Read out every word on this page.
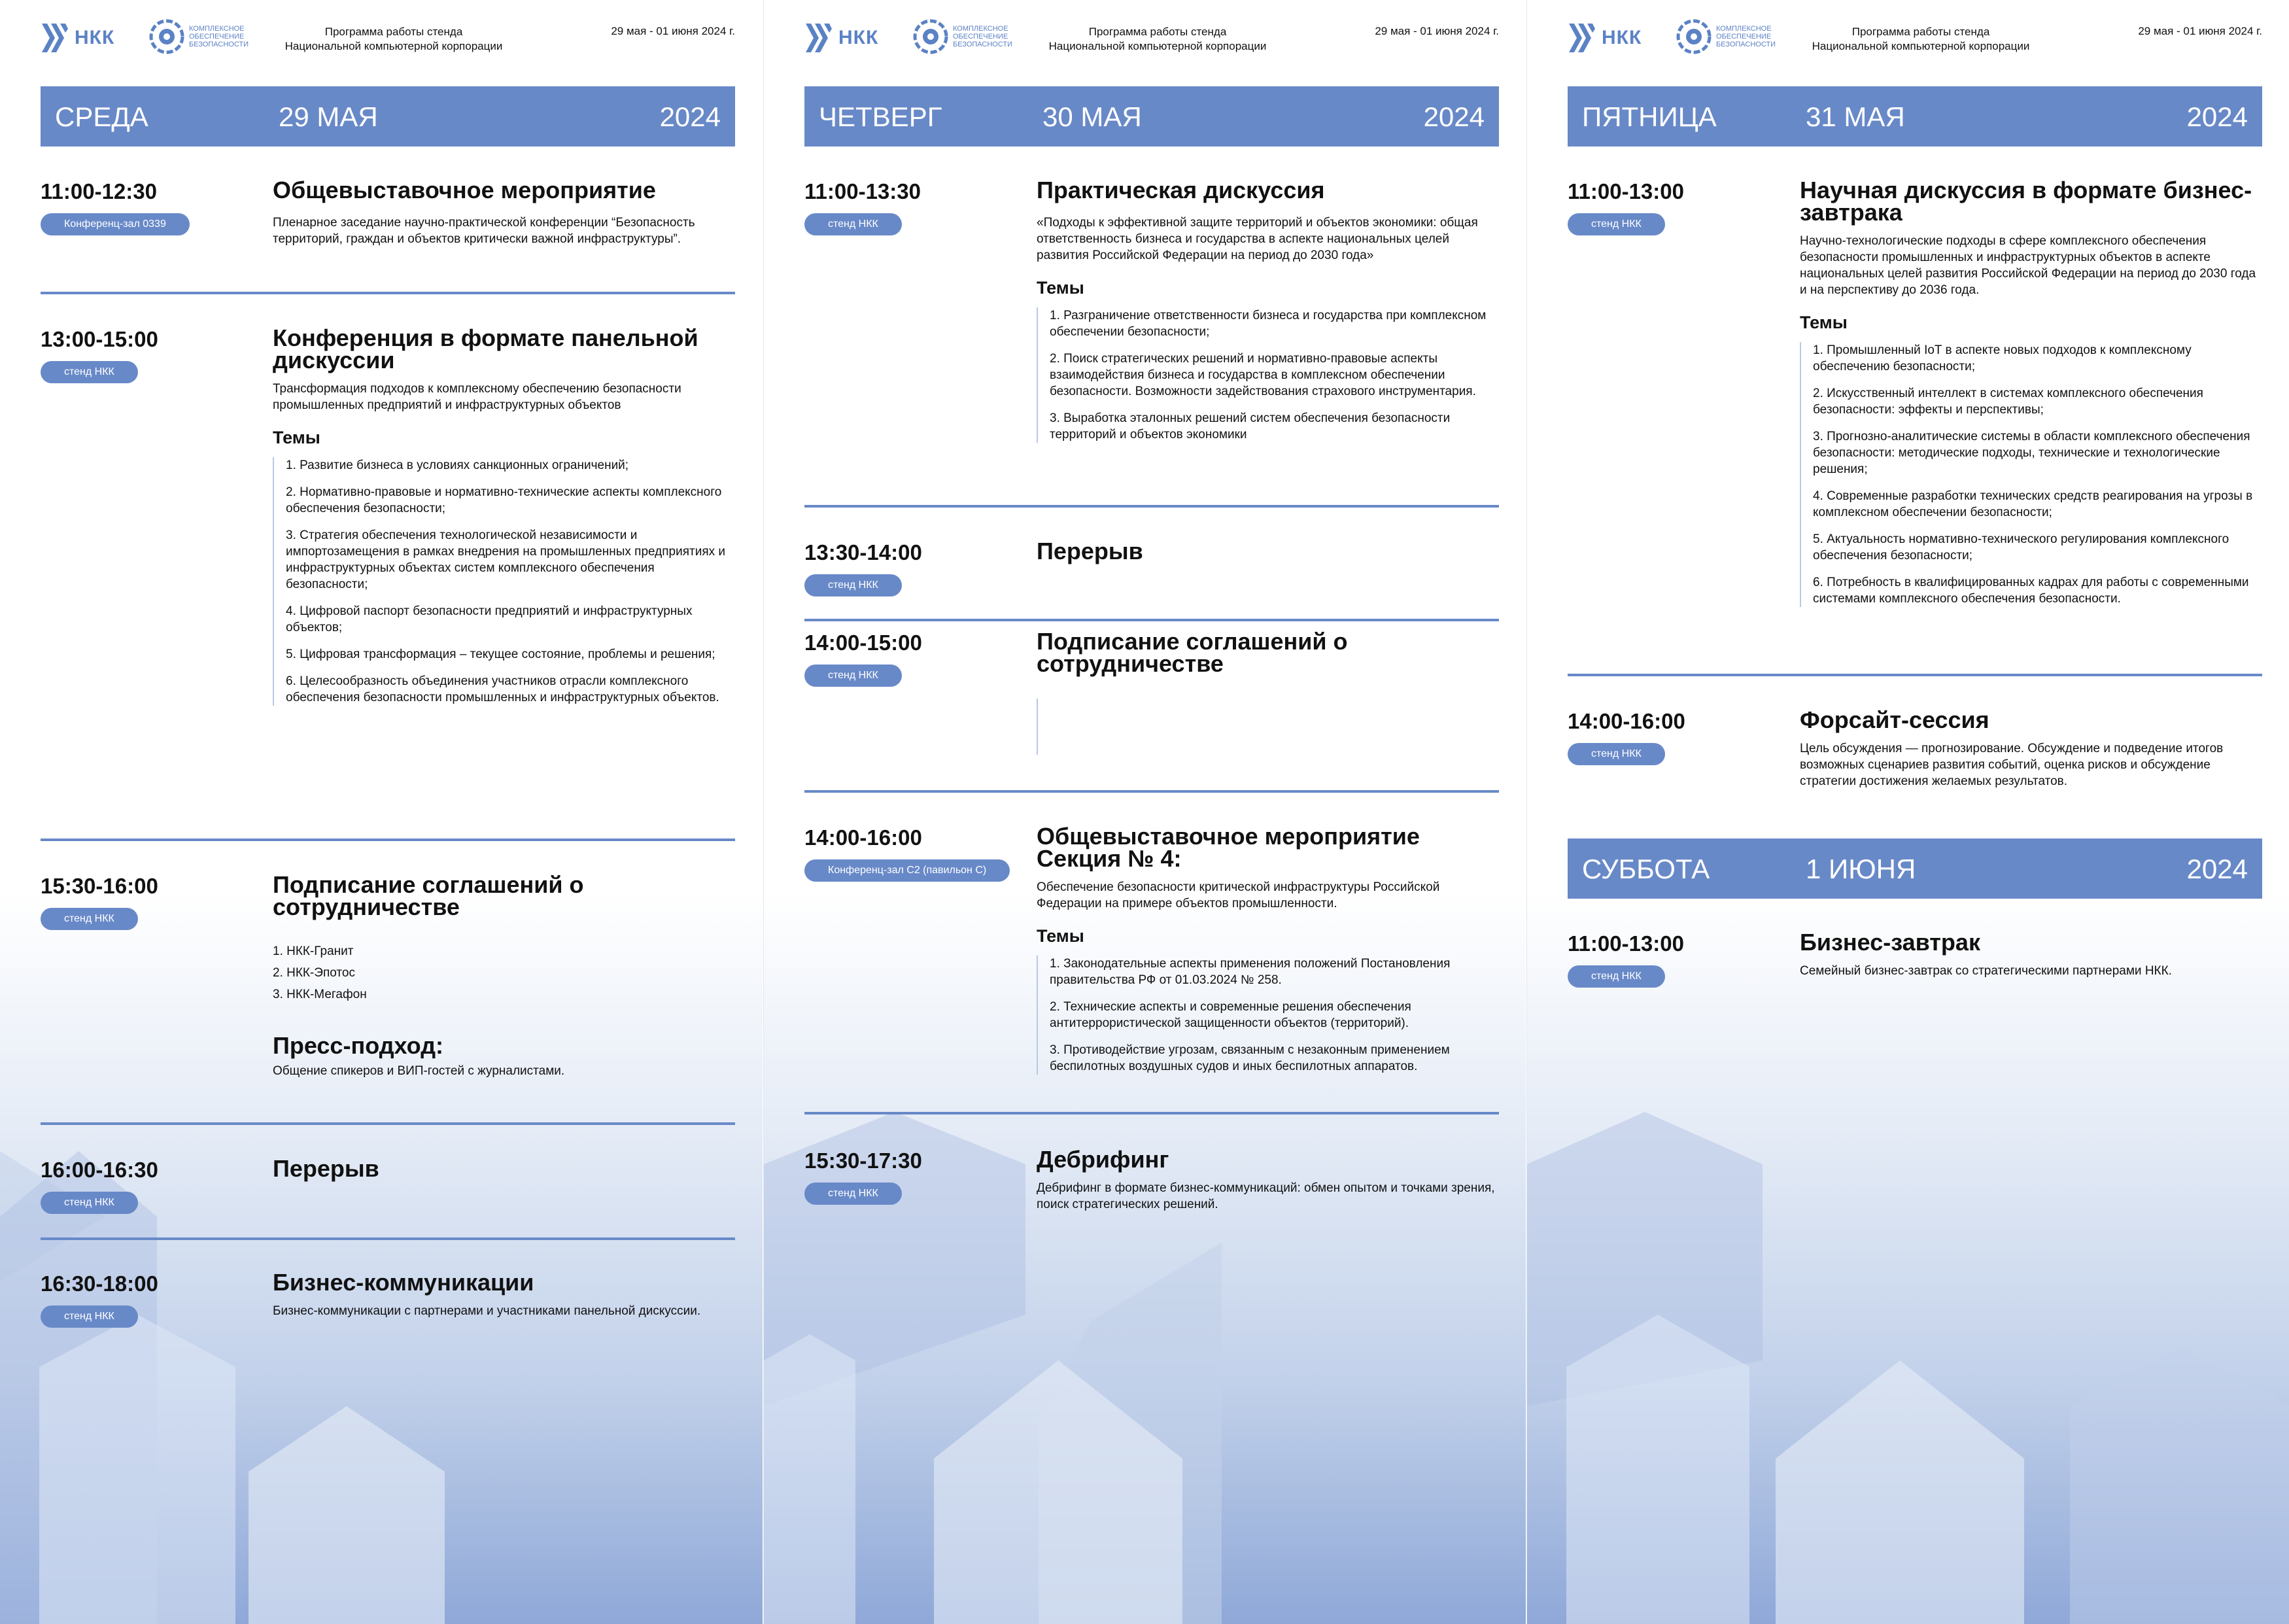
НКК	КОМПЛЕКСНОЕ ОБЕСПЕЧЕНИЕ БЕЗОПАСНОСТИ
Программа работы стенда
Национальной компьютерной корпорации
29 мая - 01 июня 2024 г.
СРЕДА	29 МАЯ	2024
11:00-12:30
Конференц-зал 0339
Общевыставочное мероприятие
Пленарное заседание научно-практической конференции “Безопасность территорий, граждан и объектов критически важной инфраструктуры”.
13:00-15:00
стенд НКК
Конференция в формате панельной дискуссии
Трансформация подходов к комплексному обеспечению безопасности промышленных предприятий и инфраструктурных объектов
Темы
1. Развитие бизнеса в условиях санкционных ограничений;
2. Нормативно-правовые и нормативно-технические аспекты комплексного обеспечения безопасности;
3. Стратегия обеспечения технологической независимости и импортозамещения в рамках внедрения на промышленных предприятиях и инфраструктурных объектах систем комплексного обеспечения безопасности;
4. Цифровой паспорт безопасности предприятий и инфраструктурных объектов;
5. Цифровая трансформация – текущее состояние, проблемы и решения;
6. Целесообразность объединения участников отрасли комплексного обеспечения безопасности промышленных и инфраструктурных объектов.
15:30-16:00
стенд НКК
Подписание соглашений о сотрудничестве
1. НКК-Гранит
2. НКК-Эпотос
3. НКК-Мегафон
Пресс-подход:
Общение спикеров и ВИП-гостей с журналистами.
16:00-16:30
стенд НКК
Перерыв
16:30-18:00
стенд НКК
Бизнес-коммуникации
Бизнес-коммуникации с партнерами и участниками панельной дискуссии.
НКК	КОМПЛЕКСНОЕ ОБЕСПЕЧЕНИЕ БЕЗОПАСНОСТИ
Программа работы стенда
Национальной компьютерной корпорации
29 мая - 01 июня 2024 г.
ЧЕТВЕРГ	30 МАЯ	2024
11:00-13:30
стенд НКК
Практическая дискуссия
«Подходы к эффективной защите территорий и объектов экономики: общая ответственность бизнеса и государства в аспекте национальных целей развития Российской Федерации на период до 2030 года»
Темы
1. Разграничение ответственности бизнеса и государства при комплексном обеспечении безопасности;
2. Поиск стратегических решений и нормативно-правовые аспекты взаимодействия бизнеса и государства в комплексном обеспечении безопасности. Возможности задействования страхового инструментария.
3. Выработка эталонных решений систем обеспечения безопасности территорий и объектов экономики
13:30-14:00
стенд НКК
Перерыв
14:00-15:00
стенд НКК
Подписание соглашений о сотрудничестве
14:00-16:00
Конференц-зал С2 (павильон С)
Общевыставочное мероприятие Секция № 4:
Обеспечение безопасности критической инфраструктуры Российской Федерации на примере объектов промышленности.
Темы
1. Законодательные аспекты применения положений Постановления правительства РФ от 01.03.2024 № 258.
2. Технические аспекты и современные решения обеспечения антитеррористической защищенности объектов (территорий).
3. Противодействие угрозам, связанным с незаконным применением беспилотных воздушных судов и иных беспилотных аппаратов.
15:30-17:30
стенд НКК
Дебрифинг
Дебрифинг в формате бизнес-коммуникаций: обмен опытом и точками зрения, поиск стратегических решений.
НКК	КОМПЛЕКСНОЕ ОБЕСПЕЧЕНИЕ БЕЗОПАСНОСТИ
Программа работы стенда
Национальной компьютерной корпорации
29 мая - 01 июня 2024 г.
ПЯТНИЦА	31 МАЯ	2024
11:00-13:00
стенд НКК
Научная дискуссия в формате бизнес-завтрака
Научно-технологические подходы в сфере комплексного обеспечения безопасности промышленных и инфраструктурных объектов в аспекте национальных целей развития Российской Федерации на период до 2030 года и на перспективу до 2036 года.
Темы
1. Промышленный IoT в аспекте новых подходов к комплексному обеспечению безопасности;
2. Искусственный интеллект в системах комплексного обеспечения безопасности: эффекты и перспективы;
3. Прогнозно-аналитические системы в области комплексного обеспечения безопасности: методические подходы, технические и технологические решения;
4. Современные разработки технических средств реагирования на угрозы в комплексном обеспечении безопасности;
5. Актуальность нормативно-технического регулирования комплексного обеспечения безопасности;
6. Потребность в квалифицированных кадрах для работы с современными системами комплексного обеспечения безопасности.
14:00-16:00
стенд НКК
Форсайт-сессия
Цель обсуждения — прогнозирование. Обсуждение и подведение итогов возможных сценариев развития событий, оценка рисков и обсуждение стратегии достижения желаемых результатов.
СУББОТА	1 ИЮНЯ	2024
11:00-13:00
стенд НКК
Бизнес-завтрак
Семейный бизнес-завтрак со стратегическими партнерами НКК.
